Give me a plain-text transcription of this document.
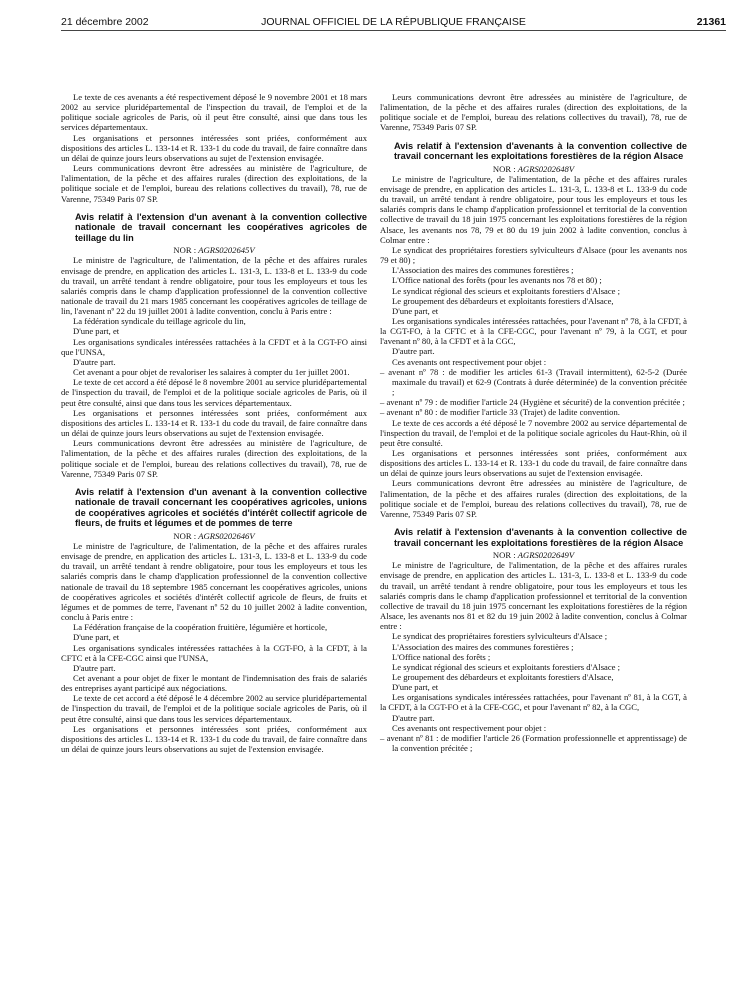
21 décembre 2002	JOURNAL OFFICIEL DE LA RÉPUBLIQUE FRANÇAISE	21361

Le texte de ces avenants a été respectivement déposé le 9 novembre 2001 et 18 mars 2002 au service pluridépartemental de l'inspection du travail, de l'emploi et de la politique sociale agricoles de Paris, où il peut être consulté, ainsi que dans tous les services départementaux.

Les organisations et personnes intéressées sont priées, conformément aux dispositions des articles L. 133-14 et R. 133-1 du code du travail, de faire connaître dans un délai de quinze jours leurs observations au sujet de l'extension envisagée.

Leurs communications devront être adressées au ministère de l'agriculture, de l'alimentation, de la pêche et des affaires rurales (direction des exploitations, de la politique sociale et de l'emploi, bureau des relations collectives du travail), 78, rue de Varenne, 75349 Paris 07 SP.

Avis relatif à l'extension d'un avenant à la convention collective nationale de travail concernant les coopératives agricoles de teillage du lin

NOR : AGRS0202645V

Le ministre de l'agriculture, de l'alimentation, de la pêche et des affaires rurales envisage de prendre, en application des articles L. 131-3, L. 133-8 et L. 133-9 du code du travail, un arrêté tendant à rendre obligatoire, pour tous les employeurs et tous les salariés compris dans le champ d'application professionnel de la convention collective nationale de travail du 21 mars 1985 concernant les coopératives agricoles de teillage de lin, l'avenant nº 22 du 19 juillet 2001 à ladite convention, conclu à Paris entre :

La fédération syndicale du teillage agricole du lin,

D'une part, et

Les organisations syndicales intéressées rattachées à la CFDT et à la CGT-FO ainsi que l'UNSA,

D'autre part.

Cet avenant a pour objet de revaloriser les salaires à compter du 1er juillet 2001.

Le texte de cet accord a été déposé le 8 novembre 2001 au service pluridépartemental de l'inspection du travail, de l'emploi et de la politique sociale agricoles de Paris, où il peut être consulté, ainsi que dans tous les services départementaux.

Les organisations et personnes intéressées sont priées, conformément aux dispositions des articles L. 133-14 et R. 133-1 du code du travail, de faire connaître dans un délai de quinze jours leurs observations au sujet de l'extension envisagée.

Leurs communications devront être adressées au ministère de l'agriculture, de l'alimentation, de la pêche et des affaires rurales (direction des exploitations, de la politique sociale et de l'emploi, bureau des relations collectives du travail), 78, rue de Varenne, 75349 Paris 07 SP.

Avis relatif à l'extension d'un avenant à la convention collective nationale de travail concernant les coopératives agricoles, unions de coopératives agricoles et sociétés d'intérêt collectif agricole de fleurs, de fruits et légumes et de pommes de terre

NOR : AGRS0202646V

Le ministre de l'agriculture, de l'alimentation, de la pêche et des affaires rurales envisage de prendre, en application des articles L. 131-3, L. 133-8 et L. 133-9 du code du travail, un arrêté tendant à rendre obligatoire, pour tous les employeurs et tous les salariés compris dans le champ d'application professionnel de la convention collective nationale de travail du 18 septembre 1985 concernant les coopératives agricoles, unions de coopératives agricoles et sociétés d'intérêt collectif agricole de fleurs, de fruits et légumes et de pommes de terre, l'avenant nº 52 du 10 juillet 2002 à ladite convention, conclu à Paris entre :

La Fédération française de la coopération fruitière, légumière et horticole,

D'une part, et

Les organisations syndicales intéressées rattachées à la CGT-FO, à la CFDT, à la CFTC et à la CFE-CGC ainsi que l'UNSA,

D'autre part.

Cet avenant a pour objet de fixer le montant de l'indemnisation des frais de salariés des entreprises ayant participé aux négociations.

Le texte de cet accord a été déposé le 4 décembre 2002 au service pluridépartemental de l'inspection du travail, de l'emploi et de la politique sociale agricoles de Paris, où il peut être consulté, ainsi que dans tous les services départementaux.

Les organisations et personnes intéressées sont priées, conformément aux dispositions des articles L. 133-14 et R. 133-1 du code du travail, de faire connaître dans un délai de quinze jours leurs observations au sujet de l'extension envisagée.

Leurs communications devront être adressées au ministère de l'agriculture, de l'alimentation, de la pêche et des affaires rurales (direction des exploitations, de la politique sociale et de l'emploi, bureau des relations collectives du travail), 78, rue de Varenne, 75349 Paris 07 SP.

Avis relatif à l'extension d'avenants à la convention collective de travail concernant les exploitations forestières de la région Alsace

NOR : AGRS0202648V

Le ministre de l'agriculture, de l'alimentation, de la pêche et des affaires rurales envisage de prendre, en application des articles L. 131-3, L. 133-8 et L. 133-9 du code du travail, un arrêté tendant à rendre obligatoire, pour tous les employeurs et tous les salariés compris dans le champ d'application professionnel et territorial de la convention collective de travail du 18 juin 1975 concernant les exploitations forestières de la région Alsace, les avenants nos 78, 79 et 80 du 19 juin 2002 à ladite convention, conclus à Colmar entre :

Le syndicat des propriétaires forestiers sylviculteurs d'Alsace (pour les avenants nos 79 et 80) ;

L'Association des maires des communes forestières ;

L'Office national des forêts (pour les avenants nos 78 et 80) ;

Le syndicat régional des scieurs et exploitants forestiers d'Alsace ;

Le groupement des débardeurs et exploitants forestiers d'Alsace,

D'une part, et

Les organisations syndicales intéressées rattachées, pour l'avenant nº 78, à la CFDT, à la CGT-FO, à la CFTC et à la CFE-CGC, pour l'avenant nº 79, à la CGT, et pour l'avenant nº 80, à la CFDT et à la CGC,

D'autre part.

Ces avenants ont respectivement pour objet :

– avenant nº 78 : de modifier les articles 61-3 (Travail intermittent), 62-5-2 (Durée maximale du travail) et 62-9 (Contrats à durée déterminée) de la convention précitée ;

– avenant nº 79 : de modifier l'article 24 (Hygiène et sécurité) de la convention précitée ;

– avenant nº 80 : de modifier l'article 33 (Trajet) de ladite convention.

Le texte de ces accords a été déposé le 7 novembre 2002 au service départemental de l'inspection du travail, de l'emploi et de la politique sociale agricoles du Haut-Rhin, où il peut être consulté.

Les organisations et personnes intéressées sont priées, conformément aux dispositions des articles L. 133-14 et R. 133-1 du code du travail, de faire connaître dans un délai de quinze jours leurs observations au sujet de l'extension envisagée.

Leurs communications devront être adressées au ministère de l'agriculture, de l'alimentation, de la pêche et des affaires rurales (direction des exploitations, de la politique sociale et de l'emploi, bureau des relations collectives du travail), 78, rue de Varenne, 75349 Paris 07 SP.

Avis relatif à l'extension d'avenants à la convention collective de travail concernant les exploitations forestières de la région Alsace

NOR : AGRS0202649V

Le ministre de l'agriculture, de l'alimentation, de la pêche et des affaires rurales envisage de prendre, en application des articles L. 131-3, L. 133-8 et L. 133-9 du code du travail, un arrêté tendant à rendre obligatoire, pour tous les employeurs et tous les salariés compris dans le champ d'application professionnel et territorial de la convention collective de travail du 18 juin 1975 concernant les exploitations forestières de la région Alsace, les avenants nos 81 et 82 du 19 juin 2002 à ladite convention, conclus à Colmar entre :

Le syndicat des propriétaires forestiers sylviculteurs d'Alsace ;

L'Association des maires des communes forestières ;

L'Office national des forêts ;

Le syndicat régional des scieurs et exploitants forestiers d'Alsace ;

Le groupement des débardeurs et exploitants forestiers d'Alsace,

D'une part, et

Les organisations syndicales intéressées rattachées, pour l'avenant nº 81, à la CGT, à la CFDT, à la CGT-FO et à la CFE-CGC, et pour l'avenant nº 82, à la CGC,

D'autre part.

Ces avenants ont respectivement pour objet :

– avenant nº 81 : de modifier l'article 26 (Formation professionnelle et apprentissage) de la convention précitée ;
